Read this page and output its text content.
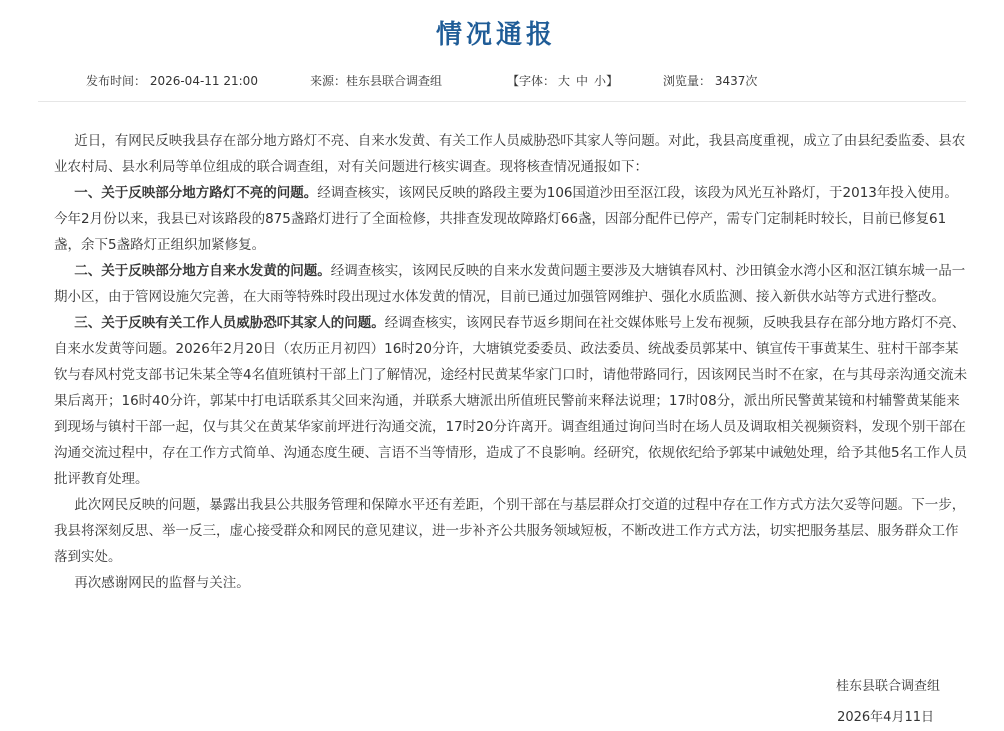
情况通报
发布时间： 2026-04-11 21:00	来源：桂东县联合调查组	【字体： 大 中 小】	浏览量： 3437次

  近日，有网民反映我县存在部分地方路灯不亮、自来水发黄、有关工作人员威胁恐吓其家人等问题。对此，我县高度重视，成立了由县纪委监委、县农业农村局、县水利局等单位组成的联合调查组，对有关问题进行核实调查。现将核查情况通报如下：

  一、关于反映部分地方路灯不亮的问题。经调查核实，该网民反映的路段主要为106国道沙田至沤江段，该段为风光互补路灯，于2013年投入使用。今年2月份以来，我县已对该路段的875盏路灯进行了全面检修，共排查发现故障路灯66盏，因部分配件已停产，需专门定制耗时较长，目前已修复61盏，余下5盏路灯正组织加紧修复。

  二、关于反映部分地方自来水发黄的问题。经调查核实，该网民反映的自来水发黄问题主要涉及大塘镇春风村、沙田镇金水湾小区和沤江镇东城一品一期小区，由于管网设施欠完善，在大雨等特殊时段出现过水体发黄的情况，目前已通过加强管网维护、强化水质监测、接入新供水站等方式进行整改。

  三、关于反映有关工作人员威胁恐吓其家人的问题。经调查核实，该网民春节返乡期间在社交媒体账号上发布视频，反映我县存在部分地方路灯不亮、自来水发黄等问题。2026年2月20日（农历正月初四）16时20分许，大塘镇党委委员、政法委员、统战委员郭某中、镇宣传干事黄某生、驻村干部李某钦与春风村党支部书记朱某全等4名值班镇村干部上门了解情况，途经村民黄某华家门口时，请他带路同行，因该网民当时不在家，在与其母亲沟通交流未果后离开；16时40分许，郭某中打电话联系其父回来沟通，并联系大塘派出所值班民警前来释法说理；17时08分，派出所民警黄某镜和村辅警黄某能来到现场与镇村干部一起，仅与其父在黄某华家前坪进行沟通交流，17时20分许离开。调查组通过询问当时在场人员及调取相关视频资料，发现个别干部在沟通交流过程中，存在工作方式简单、沟通态度生硬、言语不当等情形，造成了不良影响。经研究，依规依纪给予郭某中诫勉处理，给予其他5名工作人员批评教育处理。

  此次网民反映的问题，暴露出我县公共服务管理和保障水平还有差距，个别干部在与基层群众打交道的过程中存在工作方式方法欠妥等问题。下一步，我县将深刻反思、举一反三，虚心接受群众和网民的意见建议，进一步补齐公共服务领域短板，不断改进工作方式方法，切实把服务基层、服务群众工作落到实处。

  再次感谢网民的监督与关注。

桂东县联合调查组
2026年4月11日
